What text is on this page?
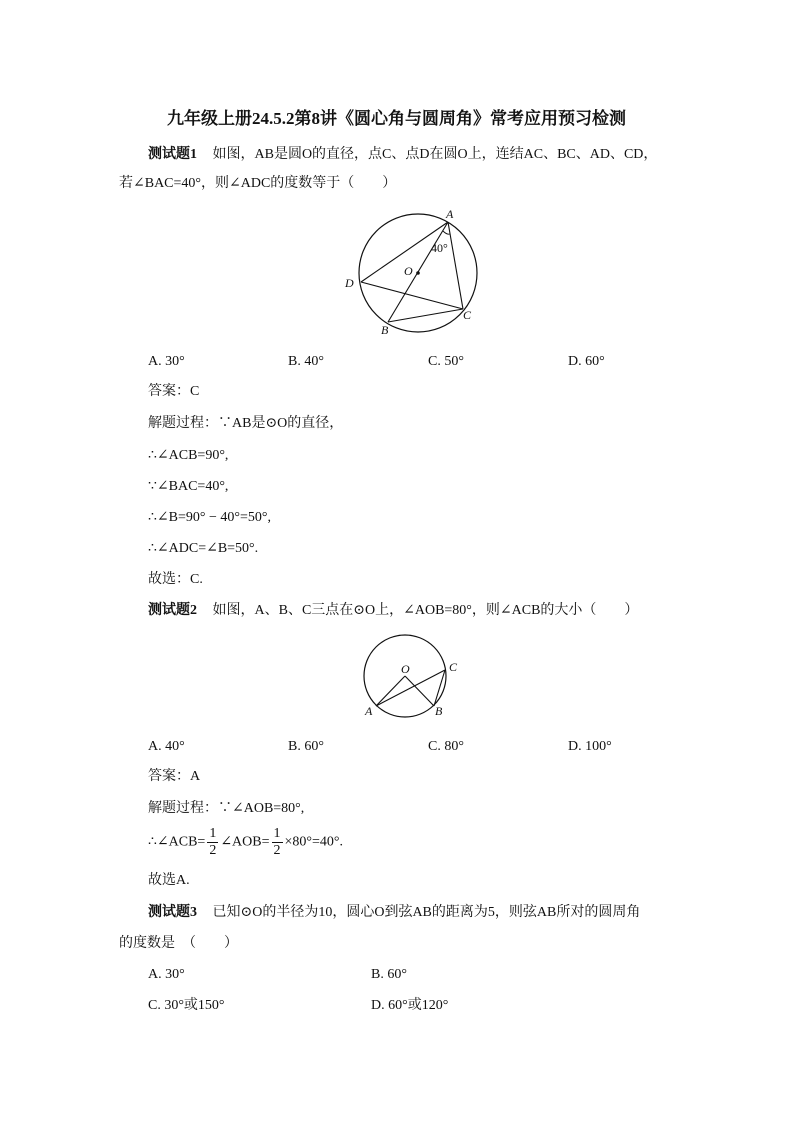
九年级上册24.5.2第8讲《圆心角与圆周角》常考应用预习检测
测试题1 如图，AB是圆O的直径，点C、点D在圆O上，连结AC、BC、AD、CD，
若∠BAC=40°，则∠ADC的度数等于（　　）
A
40°
O
D
B
C
A. 30°	B. 40°	C. 50°	D. 60°
答案：C
解题过程：∵AB是⊙O的直径，
∴∠ACB=90°,
∵∠BAC=40°,
∴∠B=90° − 40°=50°,
∴∠ADC=∠B=50°.
故选：C.
测试题2 如图，A、B、C三点在⊙O上，∠AOB=80°，则∠ACB的大小（　　）
O	C
A	B
A. 40°	B. 60°	C. 80°	D. 100°
答案：A
解题过程：∵∠AOB=80°,
∴∠ACB= $\frac{1}{2}$ ∠AOB= $\frac{1}{2} \times 80^\circ=40^\circ$.
故选A.
测试题3 已知⊙O的半径为10，圆心O到弦AB的距离为5，则弦AB所对的圆周角
的度数是　（　　）
A. 30°	B. 60°
C. 30°或150°	D. 60°或120°
